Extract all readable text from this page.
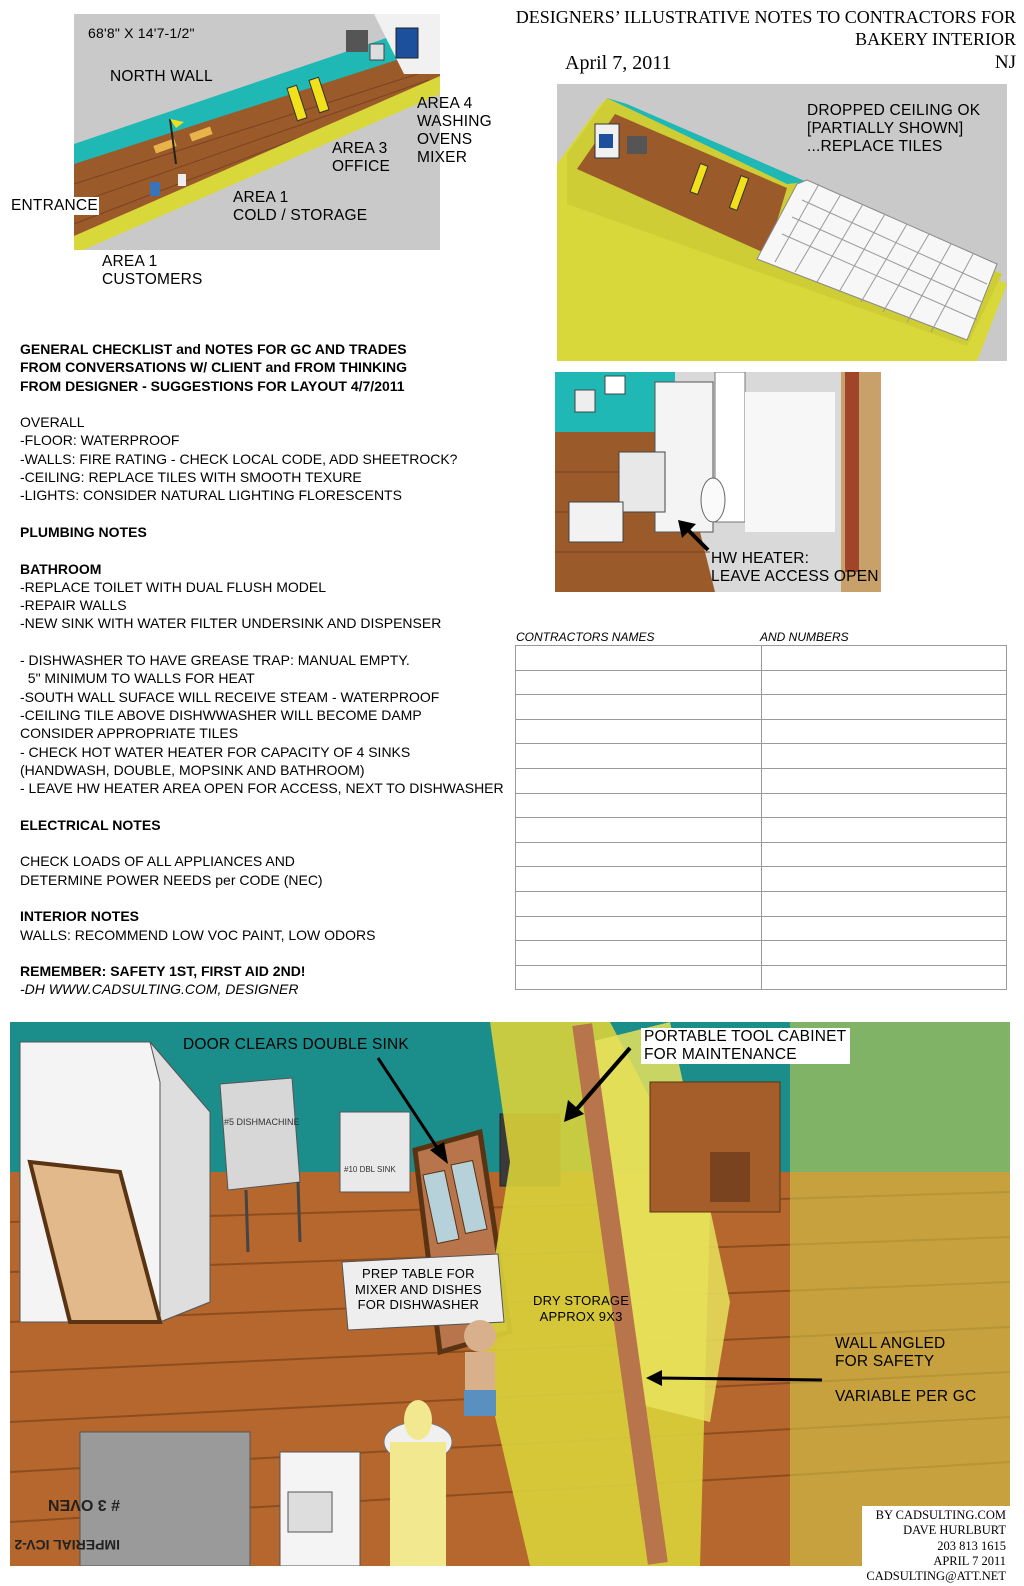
DESIGNERS’ ILLUSTRATIVE NOTES TO CONTRACTORS FOR
BAKERY INTERIOR
April 7, 2011	NJ
68'8" X 14'7-1/2"
NORTH WALL
AREA 4
WASHING
OVENS
MIXER
AREA 3
OFFICE
AREA 1
COLD / STORAGE
ENTRANCE
AREA 1
CUSTOMERS
DROPPED CEILING OK
[PARTIALLY SHOWN]
...REPLACE TILES
HW HEATER:
LEAVE ACCESS OPEN
GENERAL CHECKLIST and NOTES FOR GC AND TRADES
FROM CONVERSATIONS W/ CLIENT and FROM THINKING
FROM DESIGNER - SUGGESTIONS FOR LAYOUT 4/7/2011
OVERALL
-FLOOR: WATERPROOF
-WALLS: FIRE RATING - CHECK LOCAL CODE, ADD SHEETROCK?
-CEILING: REPLACE TILES WITH SMOOTH TEXURE
-LIGHTS: CONSIDER NATURAL LIGHTING FLORESCENTS
PLUMBING NOTES
BATHROOM
-REPLACE TOILET WITH DUAL FLUSH MODEL
-REPAIR WALLS
-NEW SINK WITH WATER FILTER UNDERSINK AND DISPENSER
- DISHWASHER TO HAVE GREASE TRAP: MANUAL EMPTY.
5" MINIMUM TO WALLS FOR HEAT
-SOUTH WALL SUFACE WILL RECEIVE STEAM - WATERPROOF
-CEILING TILE ABOVE DISHWWASHER WILL BECOME DAMP
CONSIDER APPROPRIATE TILES
- CHECK HOT WATER HEATER FOR CAPACITY OF 4 SINKS
(HANDWASH, DOUBLE, MOPSINK AND BATHROOM)
- LEAVE HW HEATER AREA OPEN FOR ACCESS, NEXT TO DISHWASHER
ELECTRICAL NOTES
CHECK LOADS OF ALL APPLIANCES AND
DETERMINE POWER NEEDS per CODE (NEC)
INTERIOR NOTES
WALLS: RECOMMEND LOW VOC PAINT, LOW ODORS
REMEMBER: SAFETY 1ST, FIRST AID 2ND!
-DH WWW.CADSULTING.COM, DESIGNER
CONTRACTORS NAMES	AND NUMBERS

#5 DISHMACHINE
#10 DBL SINK
# 3 OVEN
IMPERIAL ICV-2
DOOR CLEARS DOUBLE SINK	PORTABLE TOOL CABINET
FOR MAINTENANCE
PREP TABLE FOR
MIXER AND DISHES
FOR DISHWASHER	DRY STORAGE
APPROX 9X3
WALL ANGLED
FOR SAFETY
VARIABLE PER GC
BY CADSULTING.COM
DAVE HURLBURT
203 813 1615
APRIL 7 2011
CADSULTING@ATT.NET
